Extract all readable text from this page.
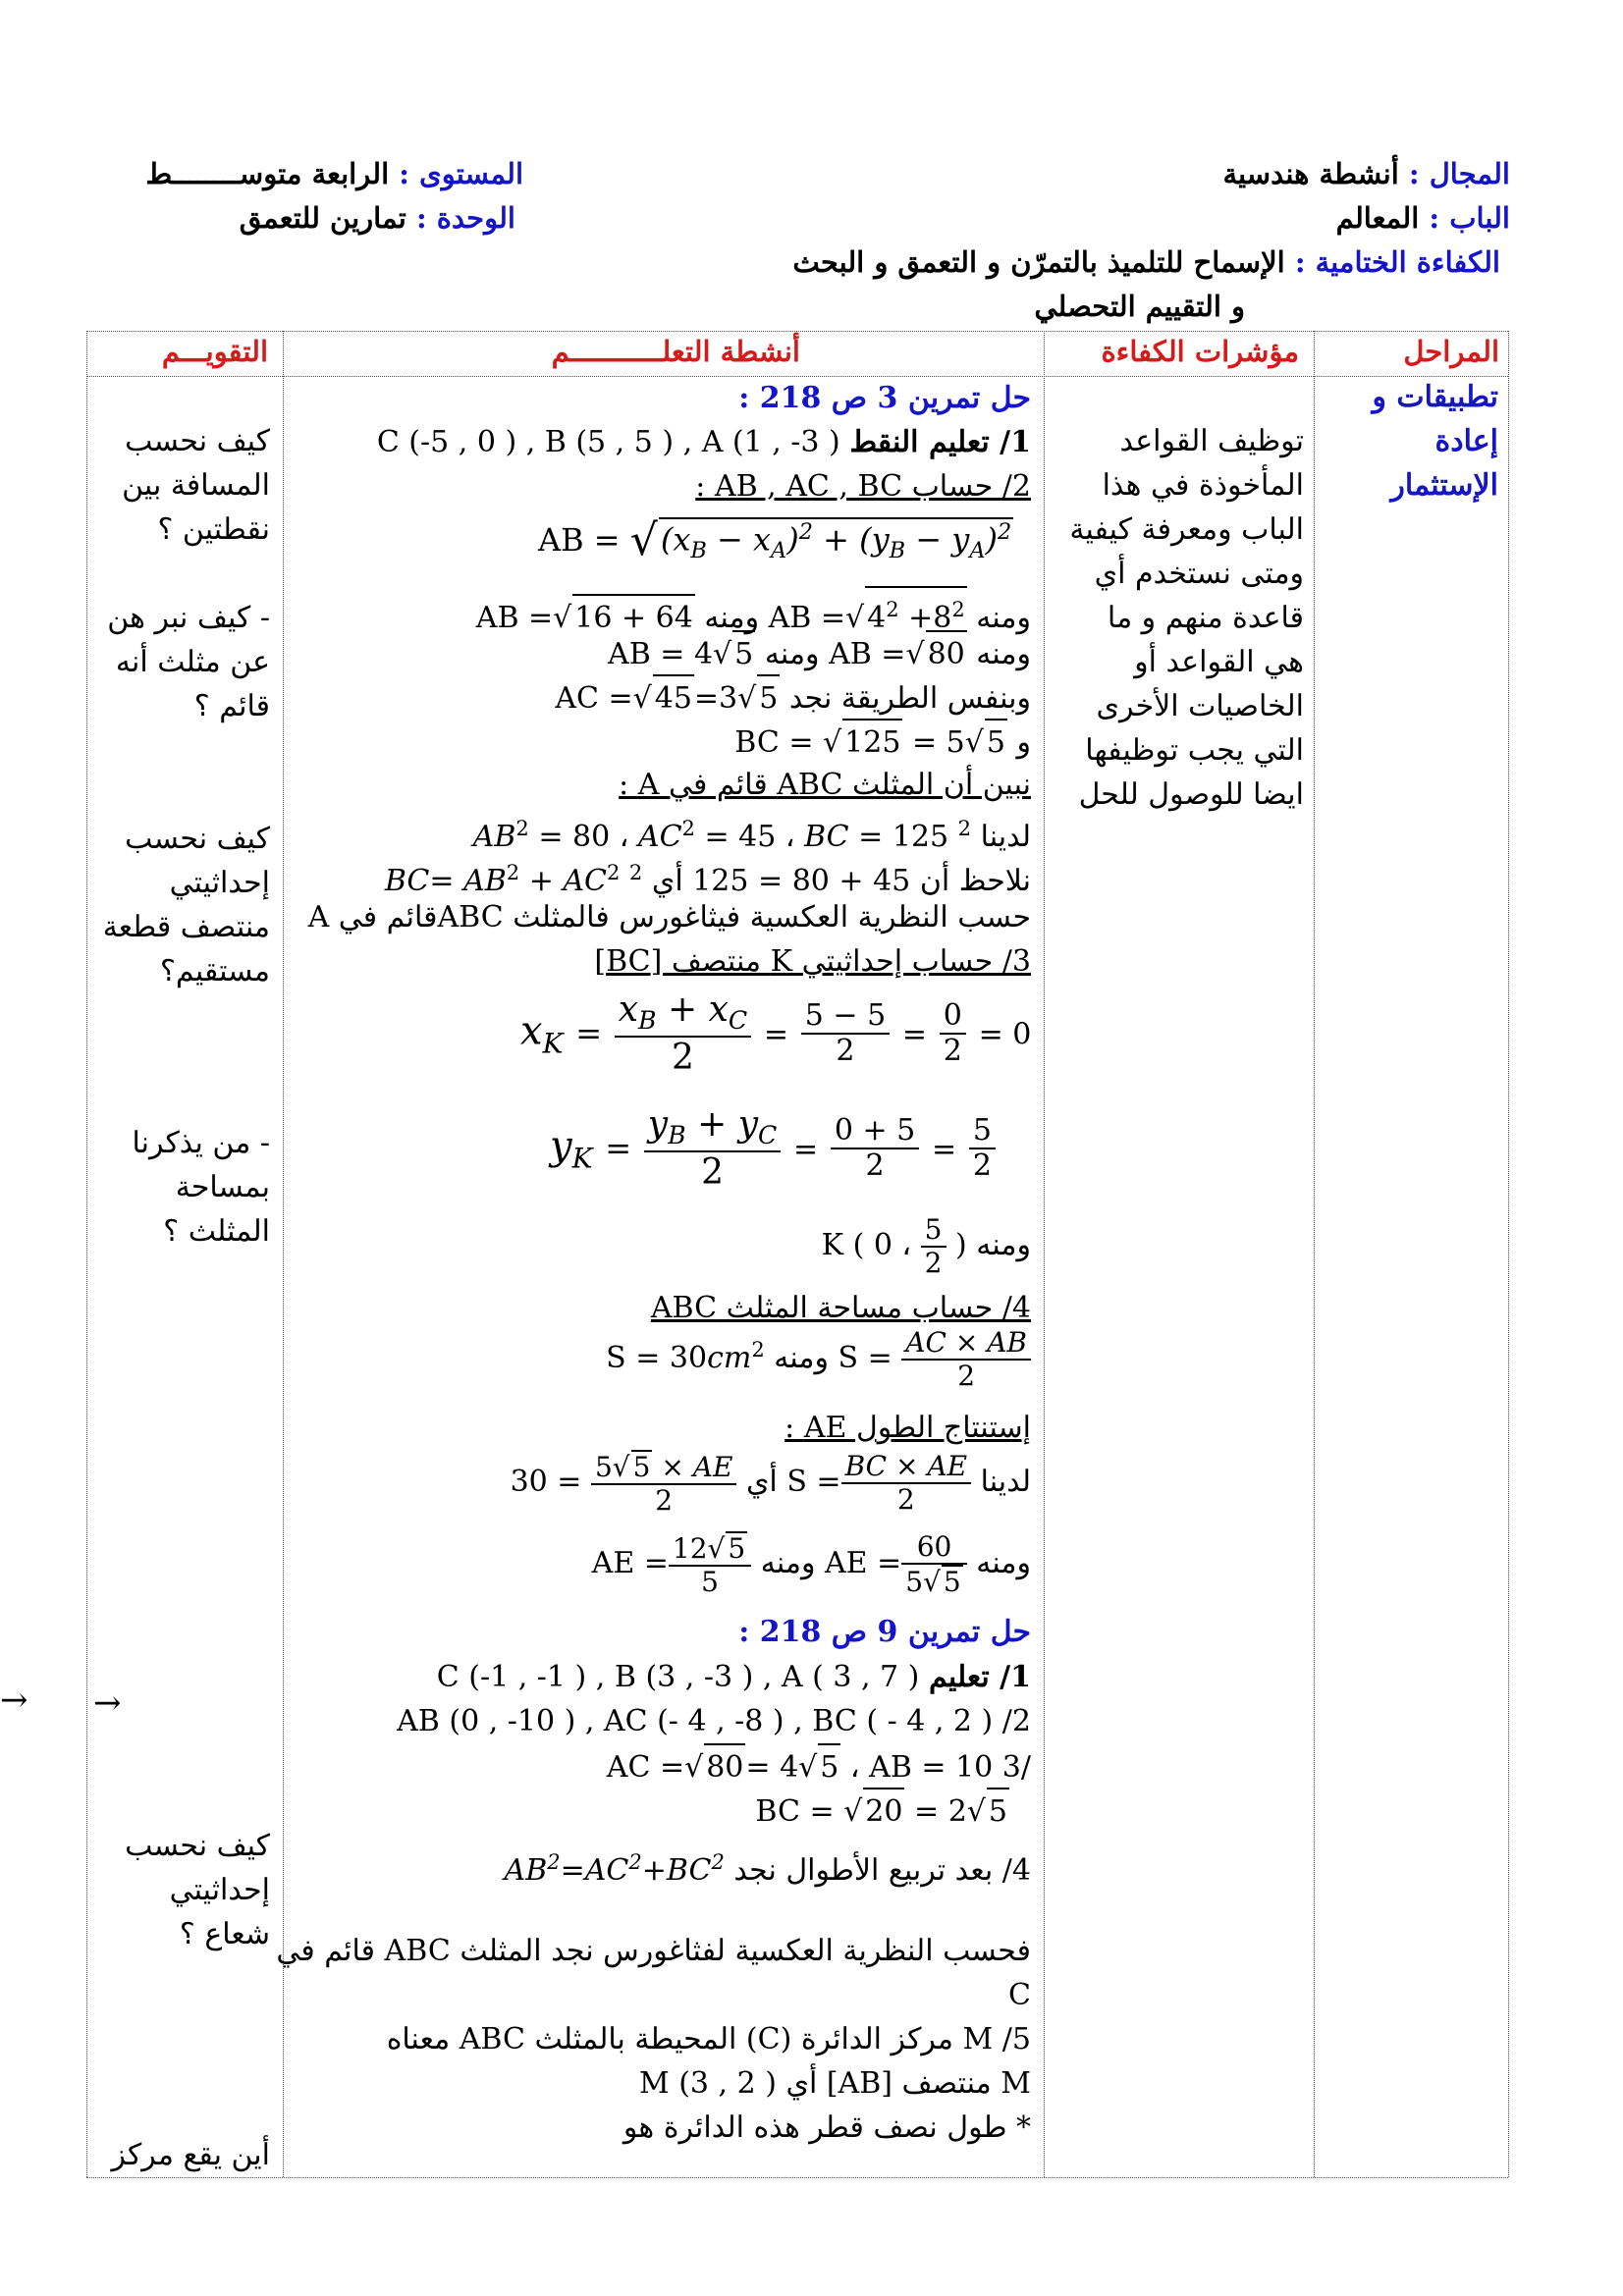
المجال : أنشطة هندسية
الباب : المعالم
الكفاءة الختامية : الإسماح للتلميذ بالتمرّن و التعمق و البحث
و التقييم التحصلي
المستوى : الرابعة متوســــــــط
الوحدة : تمارين للتعمق
المراحل
مؤشرات الكفاءة
أنشطة التعلـــــــــــم
التقويـــم
تطبيقات و
إعادة
الإستثمار
توظيف القواعد
المأخوذة في هذا
الباب ومعرفة كيفية
ومتى نستخدم أي
قاعدة منهم و ما
هي القواعد أو
الخاصيات الأخرى
التي يجب توظيفها
ايضا للوصول للحل
كيف نحسب
المسافة بين
نقطتين ؟
- كيف نبر هن
عن مثلث أنه
قائم ؟
كيف نحسب
إحداثيتي
منتصف قطعة
مستقيم؟
- من يذكرنا
بمساحة
المثلث ؟
كيف نحسب
إحداثيتي
شعاع ؟
أين يقع مركز
→ →
حل تمرين 3 ص 218 :
1/ تعليم النقط C (-5 , 0 ) , B (5 , 5 ) , A (1 , -3 )
2/ حساب AB , AC , BC :
AB = $√(x_B - x_A)^2 + (y_B - y_A)^2$
ومنه AB =√ $4^2 +8^2$ ومنه AB =√ 16 + 64
ومنه AB =√ 80 ومنه AB = 4√ 5
وبنفس الطريقة نجد AC =√ 45=3√ 5
و BC = √ 125 = 5√ 5
نبين أن المثلث ABC قائم في A :
لدينا $AB^2 = 80$ ، $AC^2 = 45$ ، BC = 125 $^2$
نلاحظ أن 45 + 80 = 125 أي $BC= AB^2 + AC^2$ $^2$
حسب النظرية العكسية فيثاغورس فالمثلث ABCقائم في A
3/ حساب إحداثيتي K منتصف [BC]
$x_K = \frac{x_B + x_C}{2} = \frac{5 - 5}{2} = \frac{0}{2} = 0$
$y_K = \frac{y_B + y_C}{2} = \frac{0 + 5}{2} = \frac{5}{2}$
ومنه K ( 0 ، $\frac{5}{2}$ )
4/ حساب مساحة المثلث ABC
$S = \frac{AC \times AB}{2}$
ومنه $S = 30cm^2$
إستنتاج الطول AE :
لدينا $S = \frac{BC \times AE}{2}$
أي $30 = \frac{5√ 5 \times AE}{2}$
ومنه AE = $\frac{60}{5√ 5}$
ومنه AE = $\frac{12√ 5}{5}$
حل تمرين 9 ص 218 :
1/ تعليم C (-1 , -1 ) , B (3 , -3 ) , A ( 3 , 7 )
AB (0 , -10 ) , AC (- 4 , -8 ) , BC ( - 4 , 2 ) /2
/3 AC =√ 80= 4√ 5 ، AB = 10
BC = √ 20 = 2√ 5
4/ بعد تربيع الأطوال نجد $AB^2=AC^2+BC^2$
فحسب النظرية العكسية لفثاغورس نجد المثلث ABC قائم في
C
5/ M مركز الدائرة (C) المحيطة بالمثلث ABC معناه
M منتصف [AB] أي ( M (3 , 2
* طول نصف قطر هذه الدائرة هو
